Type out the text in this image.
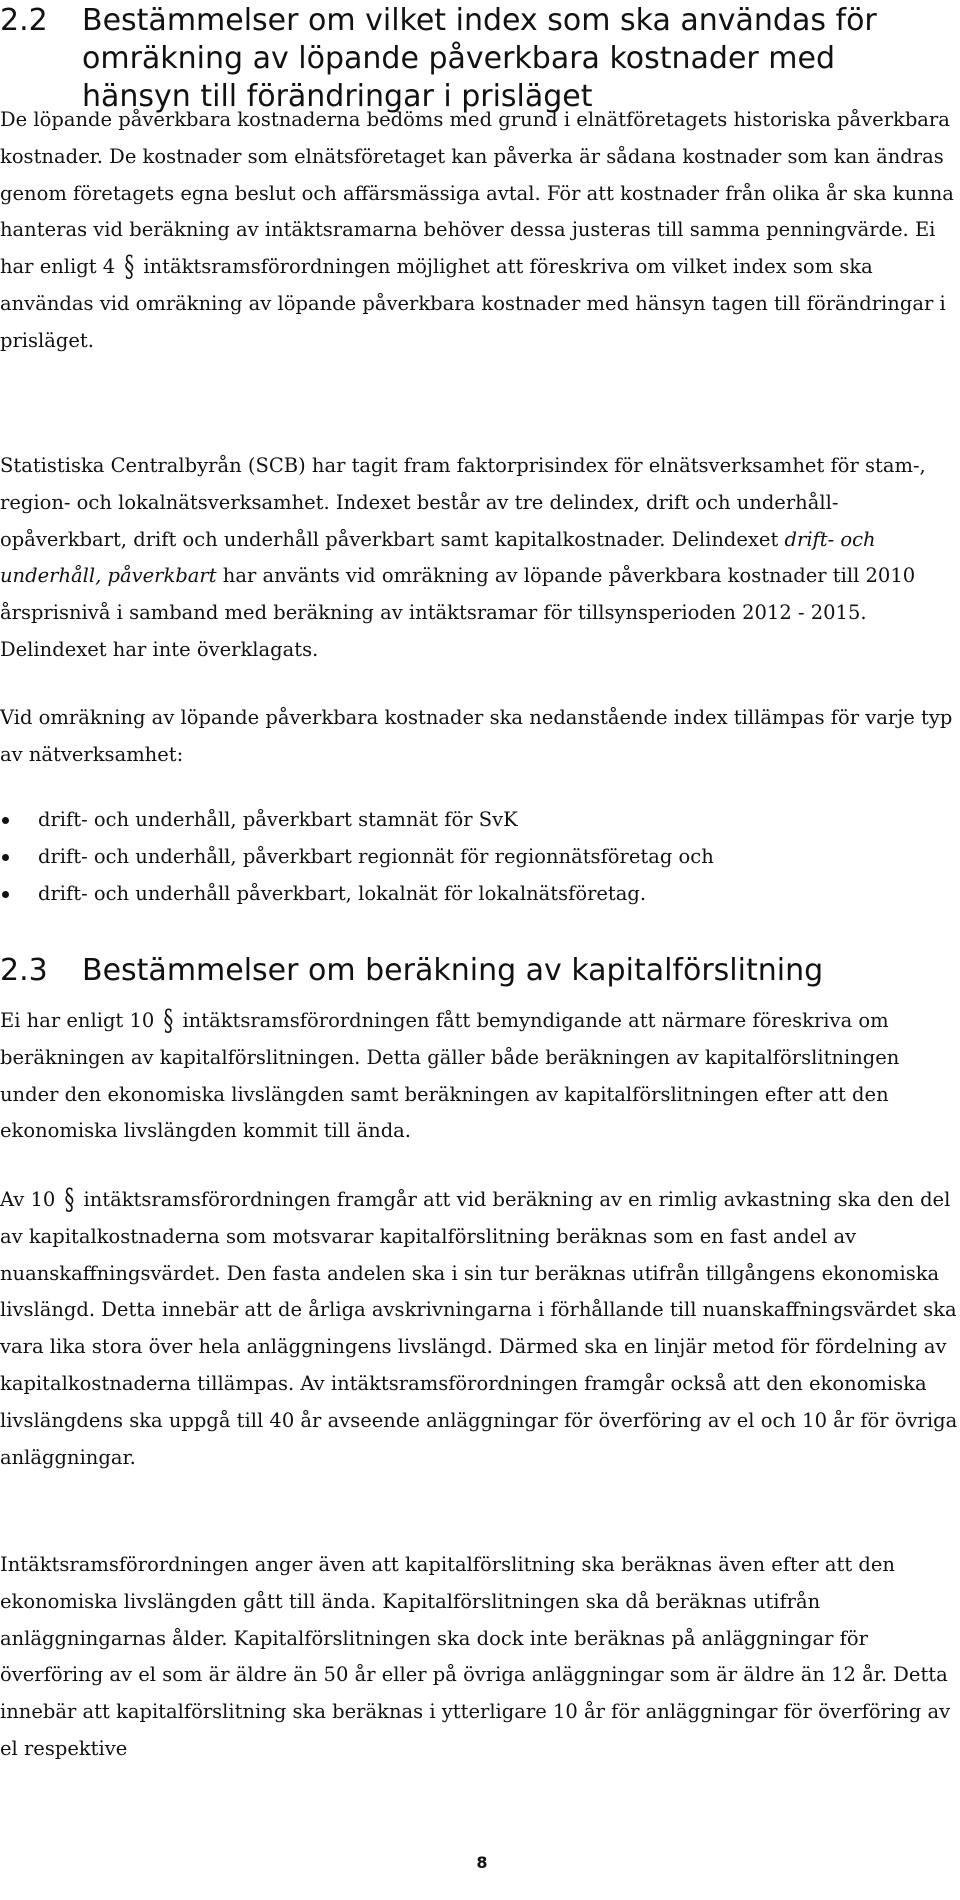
2.2 Bestämmelser om vilket index som ska användas för
omräkning av löpande påverkbara kostnader med
hänsyn till förändringar i prisläget

De löpande påverkbara kostnaderna bedöms med grund i elnätföretagets historiska påverkbara kostnader. De kostnader som elnätsföretaget kan påverka är sådana kostnader som kan ändras genom företagets egna beslut och affärsmässiga avtal. För att kostnader från olika år ska kunna hanteras vid beräkning av intäktsramarna behöver dessa justeras till samma penningvärde. Ei har enligt 4 § intäktsramsförordningen möjlighet att föreskriva om vilket index som ska användas vid omräkning av löpande påverkbara kostnader med hänsyn tagen till förändringar i prisläget.

Statistiska Centralbyrån (SCB) har tagit fram faktorprisindex för elnätsverksamhet för stam-, region- och lokalnätsverksamhet. Indexet består av tre delindex, drift och underhåll-opåverkbart, drift och underhåll påverkbart samt kapitalkostnader. Delindexet drift- och underhåll, påverkbart har använts vid omräkning av löpande påverkbara kostnader till 2010 årsprisnivå i samband med beräkning av intäktsramar för tillsynsperioden 2012 - 2015. Delindexet har inte överklagats.

Vid omräkning av löpande påverkbara kostnader ska nedanstående index tillämpas för varje typ av nätverksamhet:

drift- och underhåll, påverkbart stamnät för SvK
drift- och underhåll, påverkbart regionnät för regionnätsföretag och
drift- och underhåll påverkbart, lokalnät för lokalnätsföretag.
2.3 Bestämmelser om beräkning av kapitalförslitning

Ei har enligt 10 § intäktsramsförordningen fått bemyndigande att närmare föreskriva om beräkningen av kapitalförslitningen. Detta gäller både beräkningen av kapitalförslitningen under den ekonomiska livslängden samt beräkningen av kapitalförslitningen efter att den ekonomiska livslängden kommit till ända.

Av 10 § intäktsramsförordningen framgår att vid beräkning av en rimlig avkastning ska den del av kapitalkostnaderna som motsvarar kapitalförslitning beräknas som en fast andel av nuanskaffningsvärdet. Den fasta andelen ska i sin tur beräknas utifrån tillgångens ekonomiska livslängd. Detta innebär att de årliga avskrivningarna i förhållande till nuanskaffningsvärdet ska vara lika stora över hela anläggningens livslängd. Därmed ska en linjär metod för fördelning av kapitalkostnaderna tillämpas. Av intäktsramsförordningen framgår också att den ekonomiska livslängdens ska uppgå till 40 år avseende anläggningar för överföring av el och 10 år för övriga anläggningar.

Intäktsramsförordningen anger även att kapitalförslitning ska beräknas även efter att den ekonomiska livslängden gått till ända. Kapitalförslitningen ska då beräknas utifrån anläggningarnas ålder. Kapitalförslitningen ska dock inte beräknas på anläggningar för överföring av el som är äldre än 50 år eller på övriga anläggningar som är äldre än 12 år. Detta innebär att kapitalförslitning ska beräknas i ytterligare 10 år för anläggningar för överföring av el respektive

8
